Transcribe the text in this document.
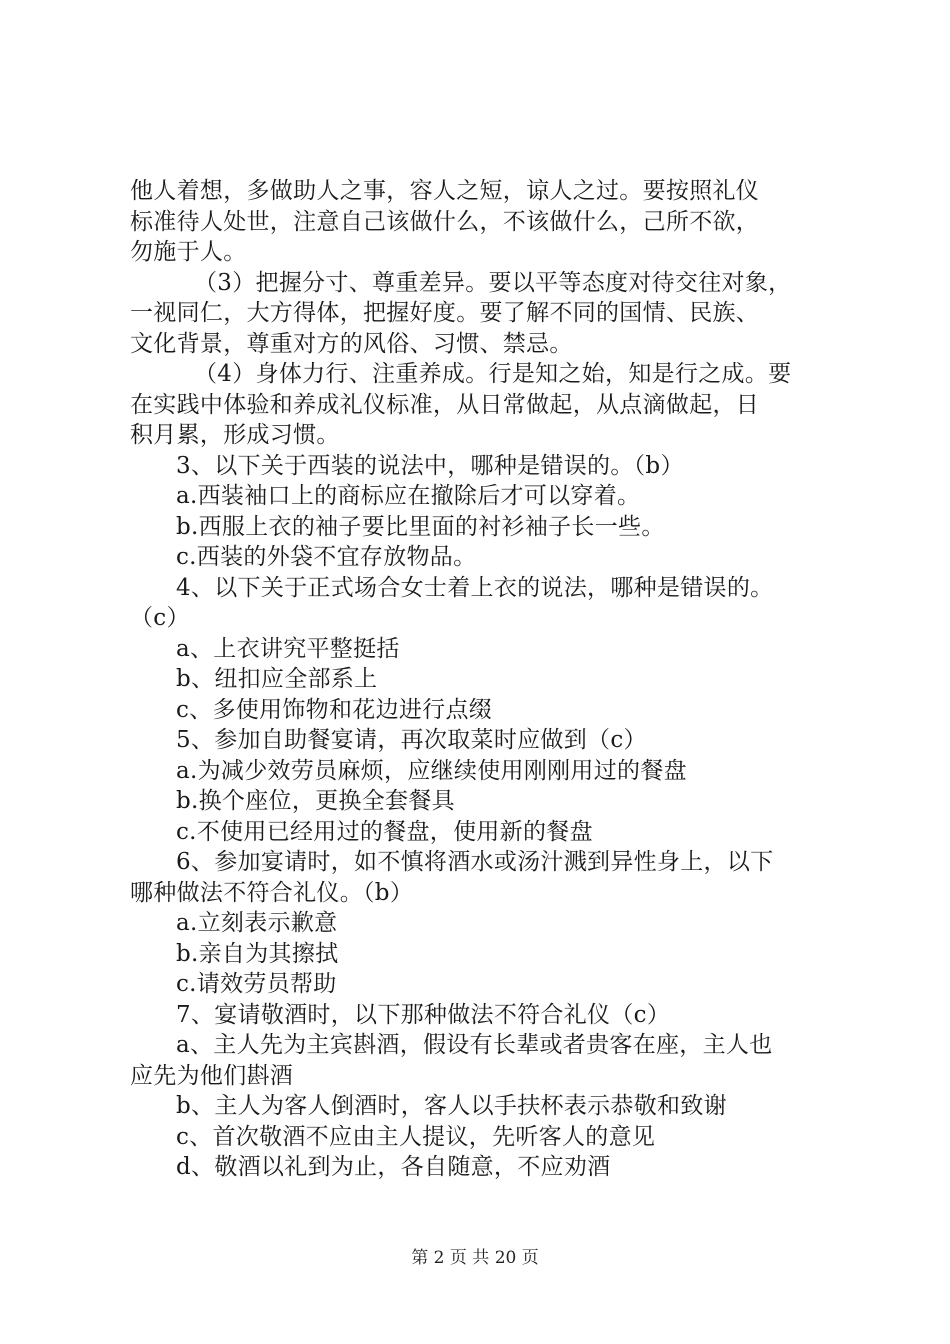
他人着想，多做助人之事，容人之短，谅人之过。要按照礼仪
标准待人处世，注意自己该做什么，不该做什么，己所不欲，
勿施于人。
（3）把握分寸、尊重差异。要以平等态度对待交往对象，
一视同仁，大方得体，把握好度。要了解不同的国情、民族、
文化背景，尊重对方的风俗、习惯、禁忌。
（4）身体力行、注重养成。行是知之始，知是行之成。要
在实践中体验和养成礼仪标准，从日常做起，从点滴做起，日
积月累，形成习惯。
3、以下关于西装的说法中，哪种是错误的。（b）
a.西装袖口上的商标应在撤除后才可以穿着。
b.西服上衣的袖子要比里面的衬衫袖子长一些。
c.西装的外袋不宜存放物品。
4、以下关于正式场合女士着上衣的说法，哪种是错误的。
（c）
a、上衣讲究平整挺括
b、纽扣应全部系上
c、多使用饰物和花边进行点缀
5、参加自助餐宴请，再次取菜时应做到（c）
a.为减少效劳员麻烦，应继续使用刚刚用过的餐盘
b.换个座位，更换全套餐具
c.不使用已经用过的餐盘，使用新的餐盘
6、参加宴请时，如不慎将酒水或汤汁溅到异性身上，以下
哪种做法不符合礼仪。（b）
a.立刻表示歉意
b.亲自为其擦拭
c.请效劳员帮助
7、宴请敬酒时，以下那种做法不符合礼仪（c）
a、主人先为主宾斟酒，假设有长辈或者贵客在座，主人也
应先为他们斟酒
b、主人为客人倒酒时，客人以手扶杯表示恭敬和致谢
c、首次敬酒不应由主人提议，先听客人的意见
d、敬酒以礼到为止，各自随意，不应劝酒
第 2 页 共 20 页
